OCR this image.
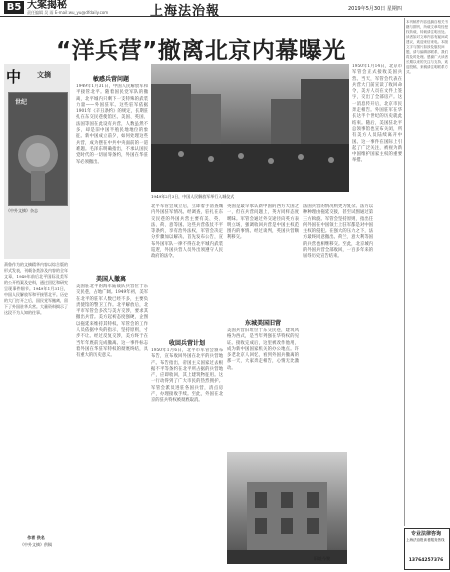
B5 大案揭秘
责任编辑 吴 雨 E-mail:wu_yu@dfdaily.com	上海法治報	2019年5月30日 星期四
“洋兵营”撤离北京内幕曝光
中 文摘
世纪
《中外文摘》杂志
萧鲁作为的文摘精华内容以综合版的形式发表，刊载各类涉及内容的全年文章，1949年前后北平国际及美军的公开档案及史料，通过回忆和研究呈现事件细节。1949年1月31日，中国人民解放军和平接管北平。历史的大门打开之后，国民党军撤离，留下了外国驻华兵营。大量资料揭示了这段不为人知的往事。
作者 佚名
《中外文摘》供稿
敏感兵营问题
1949年1月31日，中国人民解放军和平接管北平。随着国民党军队的撤离，北平城内只剩下一支特殊的武装力量——外国驻军。这些驻军依据1901年《辛丑条约》的规定，长期驻扎在东交民巷使馆区。美国、英国、法国等国在此设有兵营，人数虽然不多，却是旧中国半殖民地地位的象征。新中国成立前夕，如何处理这些兵营，成为摆在中共中央面前的一道难题。毛泽东明确指出，不承认国民党时代的一切屈辱条约，外国在华驻军必须撤出。
美国人撤离
美国驻北平的海军陆战队兵营位于东交民巷，占地广阔。1949年初，美军在北平的驻军人数已经不多，主要负责使馆的警卫工作。北平解放后，北平市军管会多次与美方交涉，要求其撤出兵营。美方起初态度强硬，企图以拖延来维持其特权。军管会的工作人员依据中央的指示，坚持原则，寸步不让。经过反复交涉，美方终于在当年年底前完成撤离。这一事件标志着外国在华驻军特权的彻底终结，具有重大的历史意义。
1949年2月3日，中国人民解放军举行入城仪式
北平军管会成立后，立即着手清查城内外国驻军情况。经调查，驻扎在东交民巷的外国兵营主要有美、英、法、荷、意等国。这些兵营依仗不平等条约，享有治外法权，军管会决定分步骤加以解决。首先发布公告，宣布外国军队一律不得在北平城内武装巡逻，外国兵营人员外出须遵守人民政府的法令。
收回兵营计划
1950年1月6日，北平市军管会颁布布告，宣布收回外国在北平的兵营地产。布告指出，帝国主义国家过去根据不平等条约在北平所占据的兵营地产，应即收回，其上建筑物征用。这一行动得到了广大市民的热烈拥护。军管会派员进驻各国兵营，清点房产，办理接收手续。至此，外国在北京的驻兵特权被彻底取消。
英国是最早承认新中国的西方大国之一，但在兵营问题上，英方同样态度暧昧。军管会通过外交途径向英方表明立场，强调收回兵营是中国主权范围内的事情。经过谈判，英国兵营顺利移交。
东城美国旧营
美国兵营旧址位于东交民巷，建筑风格为西式，是当年列强在华特权的见证。接收完成后，这里被改作他用，成为新中国国家机关的办公地点。许多老北京人回忆，看到外国兵撤离的那一天，大家奔走相告，心情无比激动。
旧址今貌
法国兵营的情况则更为复杂。法方以种种理由拖延交接，甚至试图通过第三方斡旋。军管会坚持原则，指出任何外国在中国领土上驻军都是对中国主权的侵犯。在强大的压力之下，法方最终同意撤出。荷兰、意大利等国的兵营也相继移交。至此，北京城内的外国兵营全部收回，一百多年来的屈辱历史宣告结束。
1950年1月14日，北京市军管会正式接收美国兵营。当天，军管会代表在兵营大门前宣读了收回命令，美方人员在文件上签字，交出了全部房产。这一消息传开后，北京市民奔走相告。外国驻军在华长达半个世纪的历史就此结束。随后，美国驻北平总领事馆也宣布关闭，所有美方人员陆续离开中国。这一事件在国际上引起了广泛关注，被视为新中国维护国家主权的重要举措。
本刊稿件内容选摘自相关书籍与期刊，所载文章均经授权转载，转载请注明出处。读者如对文章内容有疑问或建议，欢迎来信来电。本版文字与图片如涉及版权问题，请与编辑部联系，我们将及时处理。感谢广大读者长期以来的关注与支持，欢迎投稿，来稿请注明联系方式。
专业法律咨询
上海法治报读者服务热线
13764257376
